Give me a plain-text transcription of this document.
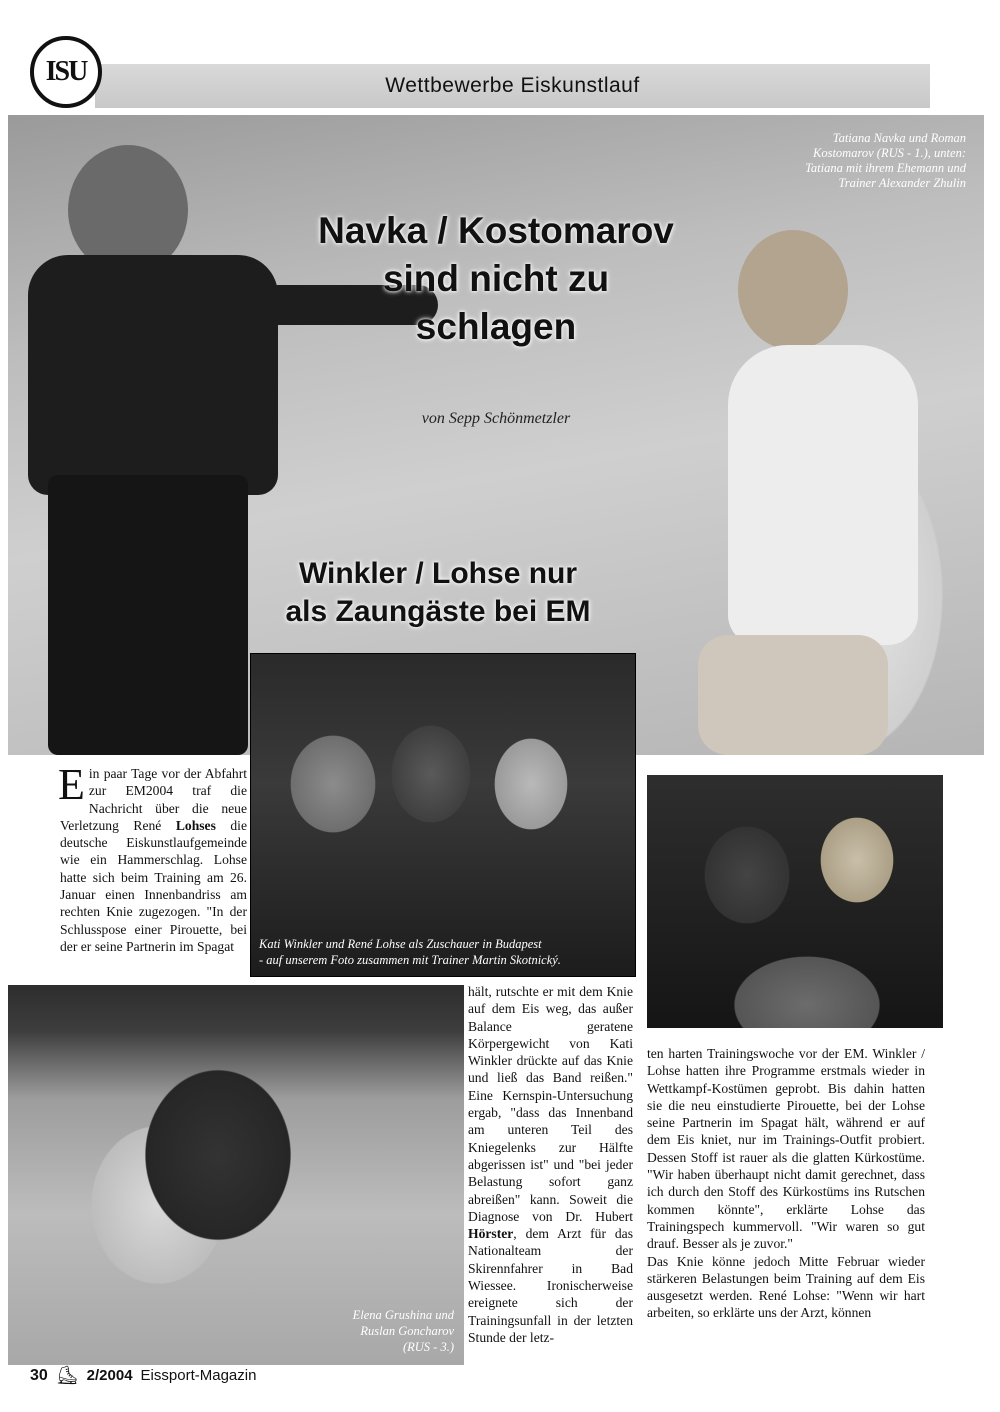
ISU	Wettbewerbe Eiskunstlauf
Tatiana Navka und Roman Kostomarov (RUS - 1.), unten: Tatiana mit ihrem Ehemann und Trainer Alexander Zhulin
Navka / Kostomarov
sind nicht zu
schlagen
von Sepp Schönmetzler
Winkler / Lohse nur
als Zaungäste bei EM
Kati Winkler und René Lohse als Zuschauer in Budapest
- auf unserem Foto zusammen mit Trainer Martin Skotnický.
Elena Grushina und
Ruslan Goncharov
(RUS - 3.)
Ein paar Tage vor der Abfahrt zur EM2004 traf die Nachricht über die neue Verletzung René Lohses die deutsche Eiskunstlaufgemeinde wie ein Hammerschlag. Lohse hatte sich beim Training am 26. Januar einen Innenbandriss am rechten Knie zugezogen. "In der Schlusspose einer Pirouette, bei der er seine Partnerin im Spagat
hält, rutschte er mit dem Knie auf dem Eis weg, das außer Balance geratene Körpergewicht von Kati Winkler drückte auf das Knie und ließ das Band reißen." Eine Kernspin-Untersuchung ergab, "dass das Innenband am unteren Teil des Kniegelenks zur Hälfte abgerissen ist" und "bei jeder Belastung sofort ganz abreißen" kann. Soweit die Diagnose von Dr. Hubert Hörster, dem Arzt für das Nationalteam der Skirennfahrer in Bad Wiessee. Ironischerweise ereignete sich der Trainingsunfall in der letzten Stunde der letz-
ten harten Trainingswoche vor der EM. Winkler / Lohse hatten ihre Programme erstmals wieder in Wettkampf-Kostümen geprobt. Bis dahin hatten sie die neu einstudierte Pirouette, bei der Lohse seine Partnerin im Spagat hält, während er auf dem Eis kniet, nur im Trainings-Outfit probiert. Dessen Stoff ist rauer als die glatten Kürkostüme. "Wir haben überhaupt nicht damit gerechnet, dass ich durch den Stoff des Kürkostüms ins Rutschen kommen könnte", erklärte Lohse das Trainingspech kummervoll. "Wir waren so gut drauf. Besser als je zuvor."
Das Knie könne jedoch Mitte Februar wieder stärkeren Belastungen beim Training auf dem Eis ausgesetzt werden. René Lohse: "Wenn wir hart arbeiten, so erklärte uns der Arzt, können
30 ⛸ 2/2004 Eissport-Magazin
